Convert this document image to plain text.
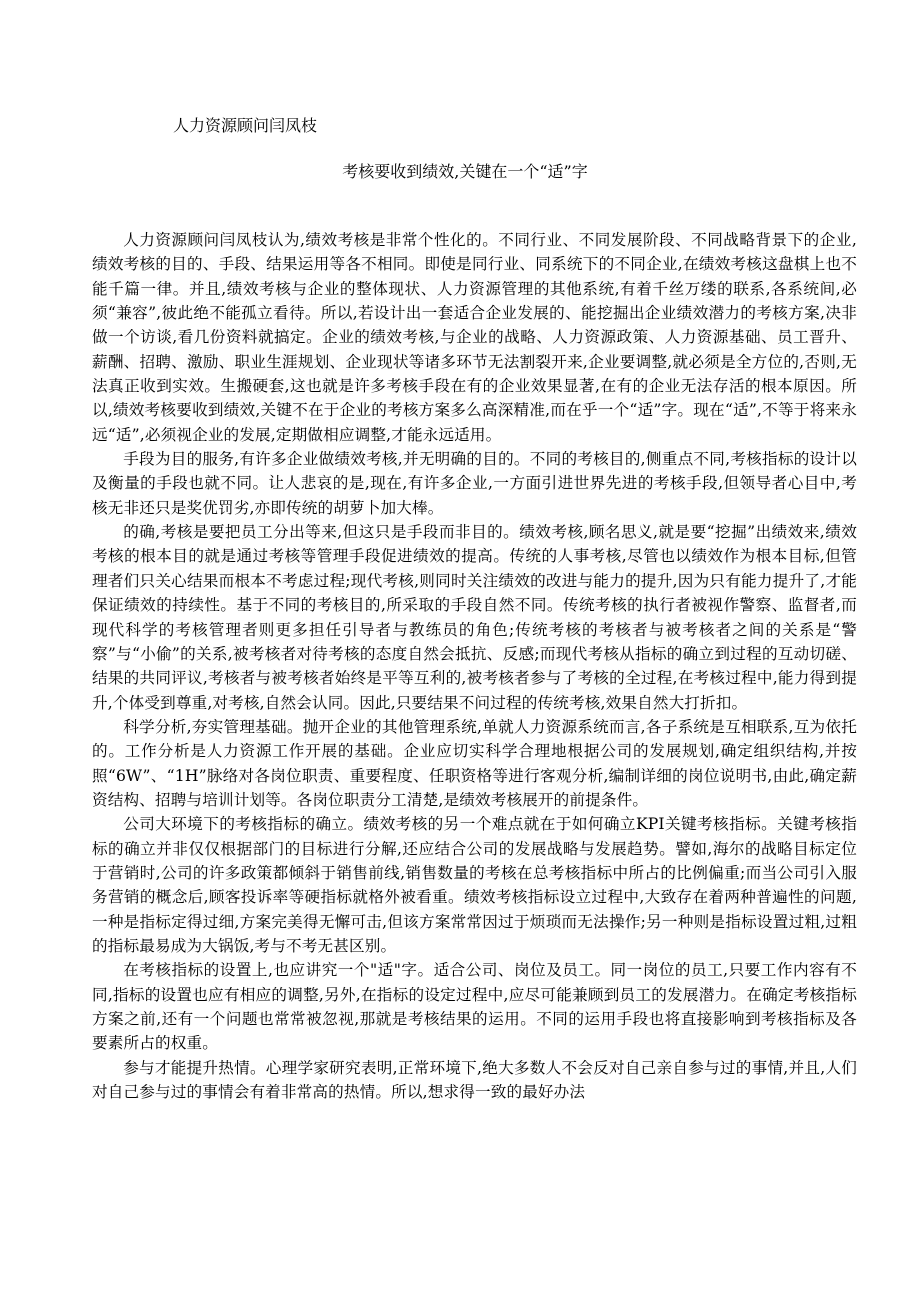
人力资源顾问闫凤枝
考核要收到绩效,关键在一个“适”字

人力资源顾问闫凤枝认为,绩效考核是非常个性化的。不同行业、不同发展阶段、不同战略背景下的企业,绩效考核的目的、手段、结果运用等各不相同。即使是同行业、同系统下的不同企业,在绩效考核这盘棋上也不能千篇一律。并且,绩效考核与企业的整体现状、人力资源管理的其他系统,有着千丝万缕的联系,各系统间,必须“兼容”,彼此绝不能孤立看待。所以,若设计出一套适合企业发展的、能挖掘出企业绩效潜力的考核方案,决非做一个访谈,看几份资料就搞定。企业的绩效考核,与企业的战略、人力资源政策、人力资源基础、员工晋升、薪酬、招聘、激励、职业生涯规划、企业现状等诸多环节无法割裂开来,企业要调整,就必须是全方位的,否则,无法真正收到实效。生搬硬套,这也就是许多考核手段在有的企业效果显著,在有的企业无法存活的根本原因。所以,绩效考核要收到绩效,关键不在于企业的考核方案多么高深精准,而在乎一个“适”字。现在“适”,不等于将来永远“适”,必须视企业的发展,定期做相应调整,才能永远适用。

手段为目的服务,有许多企业做绩效考核,并无明确的目的。不同的考核目的,侧重点不同,考核指标的设计以及衡量的手段也就不同。让人悲哀的是,现在,有许多企业,一方面引进世界先进的考核手段,但领导者心目中,考核无非还只是奖优罚劣,亦即传统的胡萝卜加大棒。

的确,考核是要把员工分出等来,但这只是手段而非目的。绩效考核,顾名思义,就是要“挖掘”出绩效来,绩效考核的根本目的就是通过考核等管理手段促进绩效的提高。传统的人事考核,尽管也以绩效作为根本目标,但管理者们只关心结果而根本不考虑过程;现代考核,则同时关注绩效的改进与能力的提升,因为只有能力提升了,才能保证绩效的持续性。基于不同的考核目的,所采取的手段自然不同。传统考核的执行者被视作警察、监督者,而现代科学的考核管理者则更多担任引导者与教练员的角色;传统考核的考核者与被考核者之间的关系是“警察”与“小偷”的关系,被考核者对待考核的态度自然会抵抗、反感;而现代考核从指标的确立到过程的互动切磋、结果的共同评议,考核者与被考核者始终是平等互利的,被考核者参与了考核的全过程,在考核过程中,能力得到提升,个体受到尊重,对考核,自然会认同。因此,只要结果不问过程的传统考核,效果自然大打折扣。

科学分析,夯实管理基础。抛开企业的其他管理系统,单就人力资源系统而言,各子系统是互相联系,互为依托的。工作分析是人力资源工作开展的基础。企业应切实科学合理地根据公司的发展规划,确定组织结构,并按照“6W”、“1H”脉络对各岗位职责、重要程度、任职资格等进行客观分析,编制详细的岗位说明书,由此,确定薪资结构、招聘与培训计划等。各岗位职责分工清楚,是绩效考核展开的前提条件。

公司大环境下的考核指标的确立。绩效考核的另一个难点就在于如何确立KPI关键考核指标。关键考核指标的确立并非仅仅根据部门的目标进行分解,还应结合公司的发展战略与发展趋势。譬如,海尔的战略目标定位于营销时,公司的许多政策都倾斜于销售前线,销售数量的考核在总考核指标中所占的比例偏重;而当公司引入服务营销的概念后,顾客投诉率等硬指标就格外被看重。绩效考核指标设立过程中,大致存在着两种普遍性的问题,一种是指标定得过细,方案完美得无懈可击,但该方案常常因过于烦琐而无法操作;另一种则是指标设置过粗,过粗的指标最易成为大锅饭,考与不考无甚区别。

在考核指标的设置上,也应讲究一个"适"字。适合公司、岗位及员工。同一岗位的员工,只要工作内容有不同,指标的设置也应有相应的调整,另外,在指标的设定过程中,应尽可能兼顾到员工的发展潜力。在确定考核指标方案之前,还有一个问题也常常被忽视,那就是考核结果的运用。不同的运用手段也将直接影响到考核指标及各要素所占的权重。

参与才能提升热情。心理学家研究表明,正常环境下,绝大多数人不会反对自己亲自参与过的事情,并且,人们对自己参与过的事情会有着非常高的热情。所以,想求得一致的最好办法
